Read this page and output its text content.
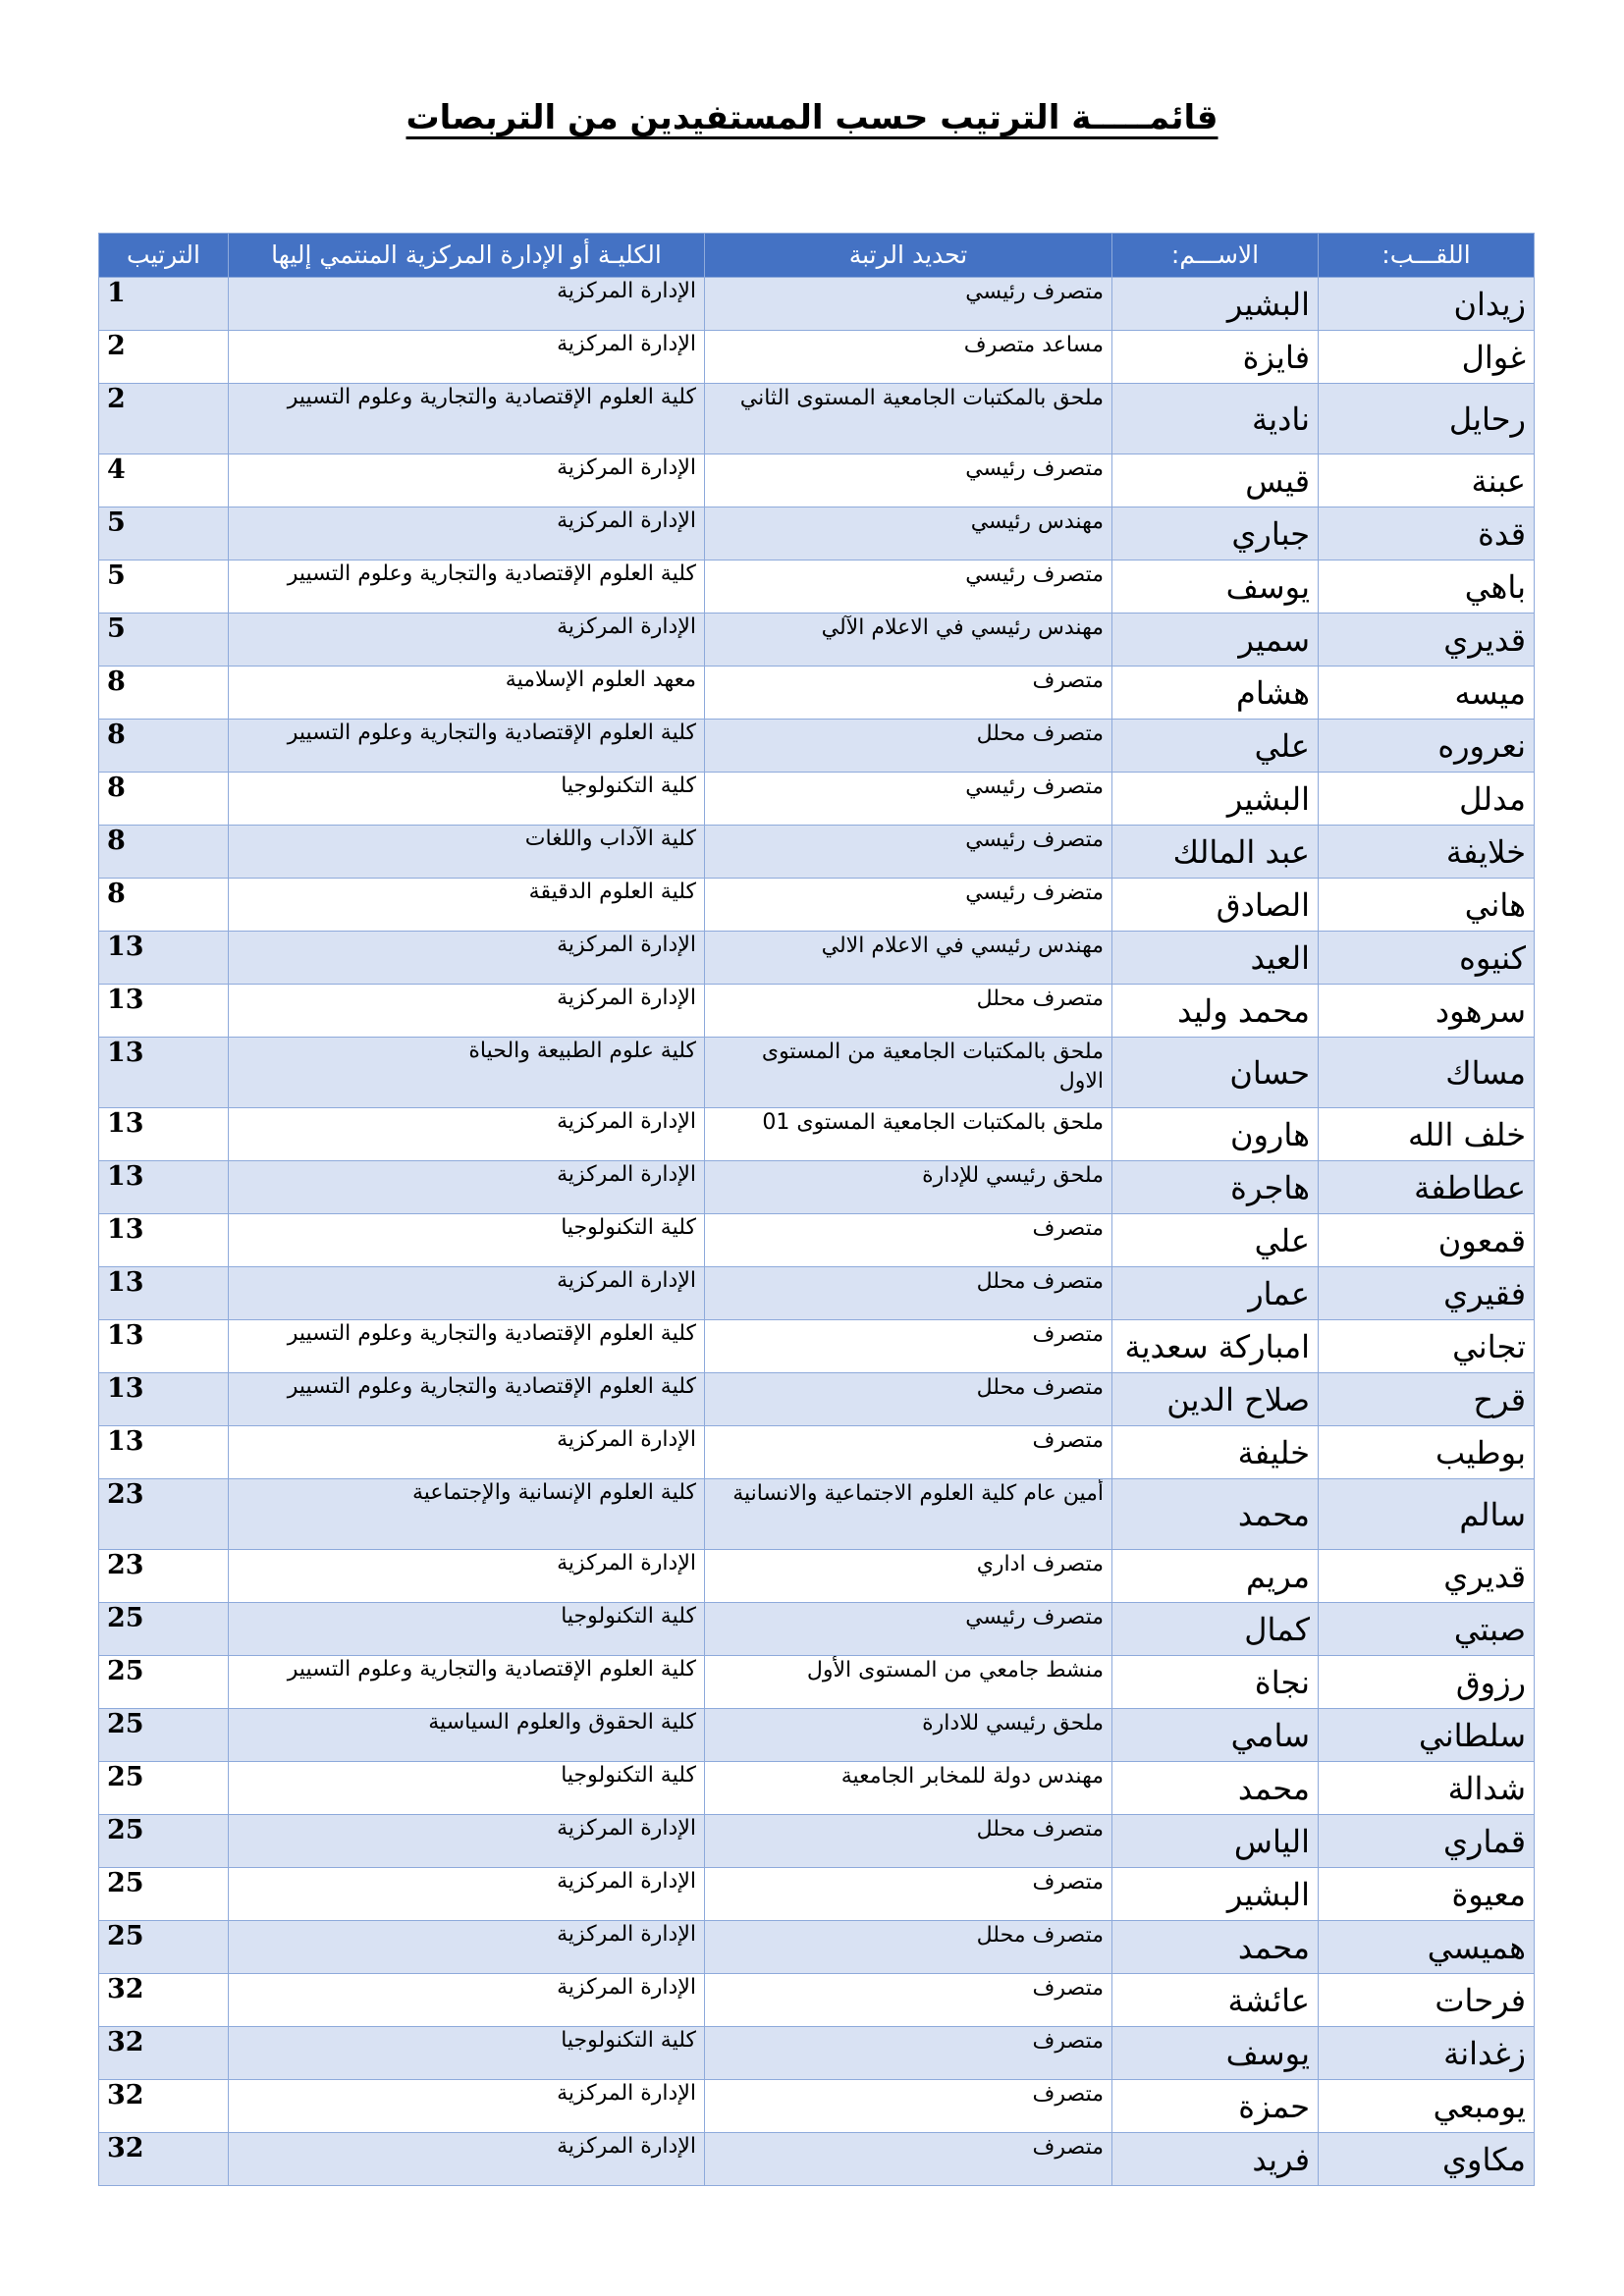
قائمـــــة الترتيب حسب المستفيدين من التربصات
اللقـــب:	الاســـم:	تحديد الرتبة	الكليـة أو الإدارة المركزية المنتمي إليها	الترتيب
زيدان	البشير	متصرف رئيسي	الإدارة المركزية	1
غوال	فايزة	مساعد متصرف	الإدارة المركزية	2
رحايل	نادية	ملحق بالمكتبات الجامعية المستوى الثاني	كلية العلوم الإقتصادية والتجارية وعلوم التسيير	2
عبنة	قيس	متصرف رئيسي	الإدارة المركزية	4
قدة	جباري	مهندس رئيسي	الإدارة المركزية	5
باهي	يوسف	متصرف رئيسي	كلية العلوم الإقتصادية والتجارية وعلوم التسيير	5
قديري	سمير	مهندس رئيسي في الاعلام الآلي	الإدارة المركزية	5
ميسه	هشام	متصرف	معهد العلوم الإسلامية	8
نعروره	علي	متصرف محلل	كلية العلوم الإقتصادية والتجارية وعلوم التسيير	8
مدلل	البشير	متصرف رئيسي	كلية التكنولوجيا	8
خلايفة	عبد المالك	متصرف رئيسي	كلية الآداب واللغات	8
هاني	الصادق	متضرف رئيسي	كلية العلوم الدقيقة	8
كنيوه	العيد	مهندس رئيسي في الاعلام الالي	الإدارة المركزية	13
سرهود	محمد وليد	متصرف محلل	الإدارة المركزية	13
مساك	حسان	ملحق بالمكتبات الجامعية من المستوى الاول	كلية علوم الطبيعة والحياة	13
خلف الله	هارون	ملحق بالمكتبات الجامعية المستوى 01	الإدارة المركزية	13
عطاطفة	هاجرة	ملحق رئيسي للإدارة	الإدارة المركزية	13
قمعون	علي	متصرف	كلية التكنولوجيا	13
فقيري	عمار	متصرف محلل	الإدارة المركزية	13
تجاني	امباركة سعدية	متصرف	كلية العلوم الإقتصادية والتجارية وعلوم التسيير	13
قرح	صلاح الدين	متصرف محلل	كلية العلوم الإقتصادية والتجارية وعلوم التسيير	13
بوطيب	خليفة	متصرف	الإدارة المركزية	13
سالم	محمد	أمين عام كلية العلوم الاجتماعية والانسانية	كلية العلوم الإنسانية والإجتماعية	23
قديري	مريم	متصرف اداري	الإدارة المركزية	23
صبتي	كمال	متصرف رئيسي	كلية التكنولوجيا	25
رزوق	نجاة	منشط جامعي من المستوى الأول	كلية العلوم الإقتصادية والتجارية وعلوم التسيير	25
سلطاني	سامي	ملحق رئيسي للادارة	كلية الحقوق والعلوم السياسية	25
شدالة	محمد	مهندس دولة للمخابر الجامعية	كلية التكنولوجيا	25
قماري	الياس	متصرف محلل	الإدارة المركزية	25
معيوة	البشير	متصرف	الإدارة المركزية	25
هميسي	محمد	متصرف محلل	الإدارة المركزية	25
فرحات	عائشة	متصرف	الإدارة المركزية	32
زغدانة	يوسف	متصرف	كلية التكنولوجيا	32
يومبعي	حمزة	متصرف	الإدارة المركزية	32
مكاوي	فريد	متصرف	الإدارة المركزية	32
